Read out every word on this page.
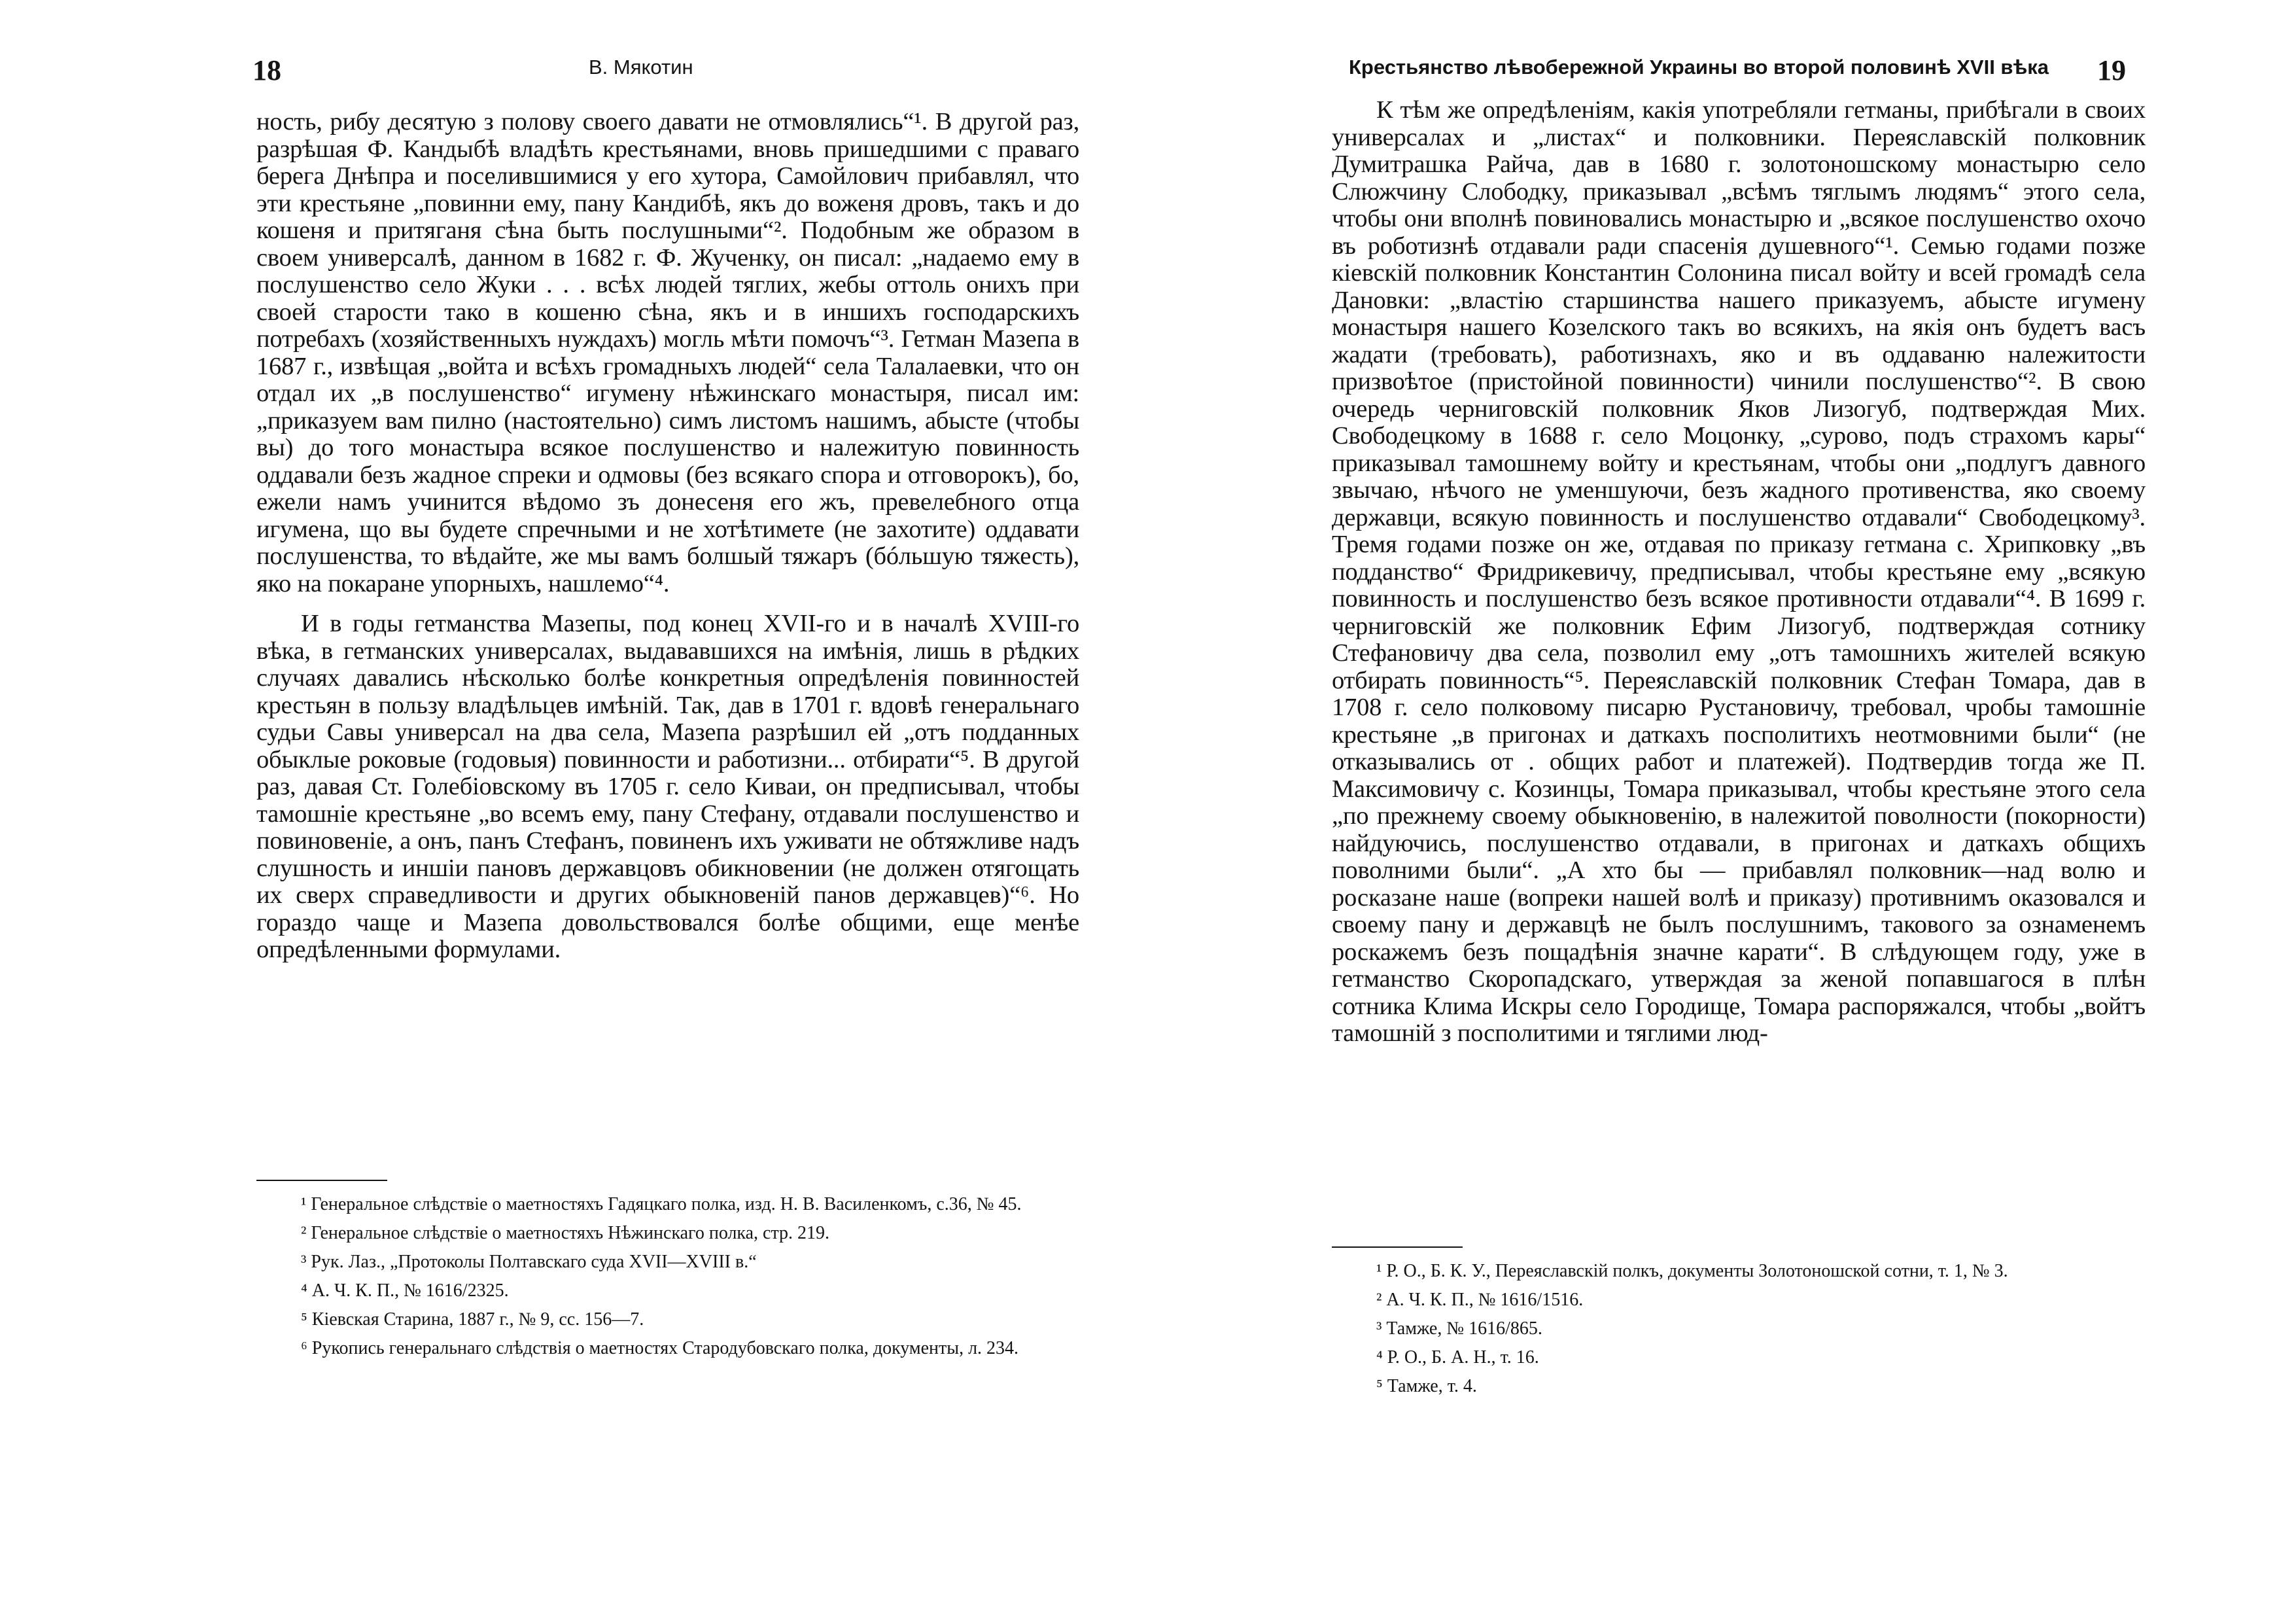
18	В. Мякотин

ность, рибу десятую з полову своего давати не отмовлялись“¹. В другой раз, разрѣшая Ф. Кандыбѣ владѣть крестьянами, вновь пришедшими с праваго берега Днѣпра и поселившимися у его хутора, Самойлович прибавлял, что эти крестьяне „повинни ему, пану Кандибѣ, якъ до воженя дровъ, такъ и до кошеня и притяганя сѣна быть послушными“². Подобным же образом в своем универсалѣ, данном в 1682 г. Ф. Жученку, он писал: „надаемо ему в послушенство село Жуки . . . всѣх людей тяглих, жебы оттоль онихъ при своей старости тако в кошеню сѣна, якъ и в иншихъ господарскихъ потребахъ (хозяйственныхъ нуждахъ) могль мѣти помочъ“³. Гетман Мазепа в 1687 г., извѣщая „войта и всѣхъ громадныхъ людей“ села Талалаевки, что он отдал их „в послушенство“ игумену нѣжинскаго монастыря, писал им: „приказуем вам пилно (настоятельно) симъ листомъ нашимъ, абысте (чтобы вы) до того монастыра всякое послушенство и належитую повинность оддавали безъ жадное спреки и одмовы (без всякаго спора и отговорокъ), бо, ежели намъ учинится вѣдомо зъ донесеня его жъ, превелебного отца игумена, що вы будете спречными и не хотѣтимете (не захотите) оддавати послушенства, то вѣдайте, же мы вамъ болшый тяжаръ (бóльшую тяжесть), яко на покаране упорныхъ, нашлемо“⁴.

И в годы гетманства Мазепы, под конец XVII-го и в началѣ XVIII-го вѣка, в гетманских универсалах, выдававшихся на имѣнія, лишь в рѣдких случаях давались нѣсколько болѣе конкретныя опредѣленія повинностей крестьян в пользу владѣльцев имѣній. Так, дав в 1701 г. вдовѣ генеральнаго судьи Савы универсал на два села, Мазепа разрѣшил ей „отъ подданных обыклые роковые (годовыя) повинности и работизни... отбирати“⁵. В другой раз, давая Ст. Голебіовскому въ 1705 г. село Киваи, он предписывал, чтобы тамошніе крестьяне „во всемъ ему, пану Стефану, отдавали послушенство и повиновеніе, а онъ, панъ Стефанъ, повиненъ ихъ уживати не обтяжливе надъ слушность и иншіи пановъ державцовъ обикновении (не должен отягощать их сверх справедливости и других обыкновеній панов державцев)“⁶. Но гораздо чаще и Мазепа довольствовался болѣе общими, еще менѣе опредѣленными формулами.

¹ Генеральное слѣдствіе о маетностяхъ Гадяцкаго полка, изд. Н. В. Василенкомъ, с.36, № 45.

² Генеральное слѣдствіе о маетностяхъ Нѣжинскаго полка, стр. 219.

³ Рук. Лаз., „Протоколы Полтавскаго суда XVII—XVIII в.“

⁴ А. Ч. К. П., № 1616/2325.

⁵ Кіевская Старина, 1887 г., № 9, сс. 156—7.

⁶ Рукопись генеральнаго слѣдствія о маетностях Стародубовскаго полка, документы, л. 234.

Крестьянство лѣвобережной Украины во второй половинѣ XVII вѣка 19

К тѣм же опредѣленіям, какія употребляли гетманы, прибѣгали в своих универсалах и „листах“ и полковники. Переяславскій полковник Думитрашка Райча, дав в 1680 г. золотоношскому монастырю село Слюжчину Слободку, приказывал „всѣмъ тяглымъ людямъ“ этого села, чтобы они вполнѣ повиновались монастырю и „всякое послушенство охочо въ роботизнѣ отдавали ради спасенія душевного“¹. Семью годами позже кіевскій полковник Константин Солонина писал войту и всей громадѣ села Дановки: „властію старшинства нашего приказуемъ, абысте игумену монастыря нашего Козелского такъ во всякихъ, на якія онъ будетъ васъ жадати (требовать), работизнахъ, яко и въ оддаваню належитости призвоѣтое (пристойной повинности) чинили послушенство“². В свою очередь черниговскій полковник Яков Лизогуб, подтверждая Мих. Свободецкому в 1688 г. село Моцонку, „сурово, подъ страхомъ кары“ приказывал тамошнему войту и крестьянам, чтобы они „подлугъ давного звычаю, нѣчого не уменшуючи, безъ жадного противенства, яко своему державци, всякую повинность и послушенство отдавали“ Свободецкому³. Тремя годами позже он же, отдавая по приказу гетмана с. Хрипковку „въ подданство“ Фридрикевичу, предписывал, чтобы крестьяне ему „всякую повинность и послушенство безъ всякое противности отдавали“⁴. В 1699 г. черниговскій же полковник Ефим Лизогуб, подтверждая сотнику Стефановичу два села, позволил ему „отъ тамошнихъ жителей всякую отбирать повинность“⁵. Переяславскій полковник Стефан Томара, дав в 1708 г. село полковому писарю Рустановичу, требовал, чробы тамошніе крестьяне „в пригонах и даткахъ посполитихъ неотмовними были“ (не отказывались от . общих работ и платежей). Подтвердив тогда же П. Максимовичу с. Козинцы, Томара приказывал, чтобы крестьяне этого села „по прежнему своему обыкновенію, в належитой поволности (покорности) найдуючись, послушенство отдавали, в пригонах и даткахъ общихъ поволними были“. „А хто бы — прибавлял полковник—над волю и росказане наше (вопреки нашей волѣ и приказу) противнимъ оказовался и своему пану и державцѣ не былъ послушнимъ, таковогo за ознаменемъ роскажемъ безъ пощадѣнія значне карати“. В слѣдующем году, уже в гетманство Скоропадскаго, утверждая за женой попавшагося в плѣн сотника Клима Искры село Городище, Томара распоряжался, чтобы „войтъ тамошній з посполитими и тяглими люд-

¹ Р. О., Б. К. У., Переяславскій полкъ, документы Золотоношской сотни, т. 1, № 3.

² А. Ч. К. П., № 1616/1516.

³ Тамже, № 1616/865.

⁴ Р. О., Б. А. Н., т. 16.

⁵ Тамже, т. 4.
